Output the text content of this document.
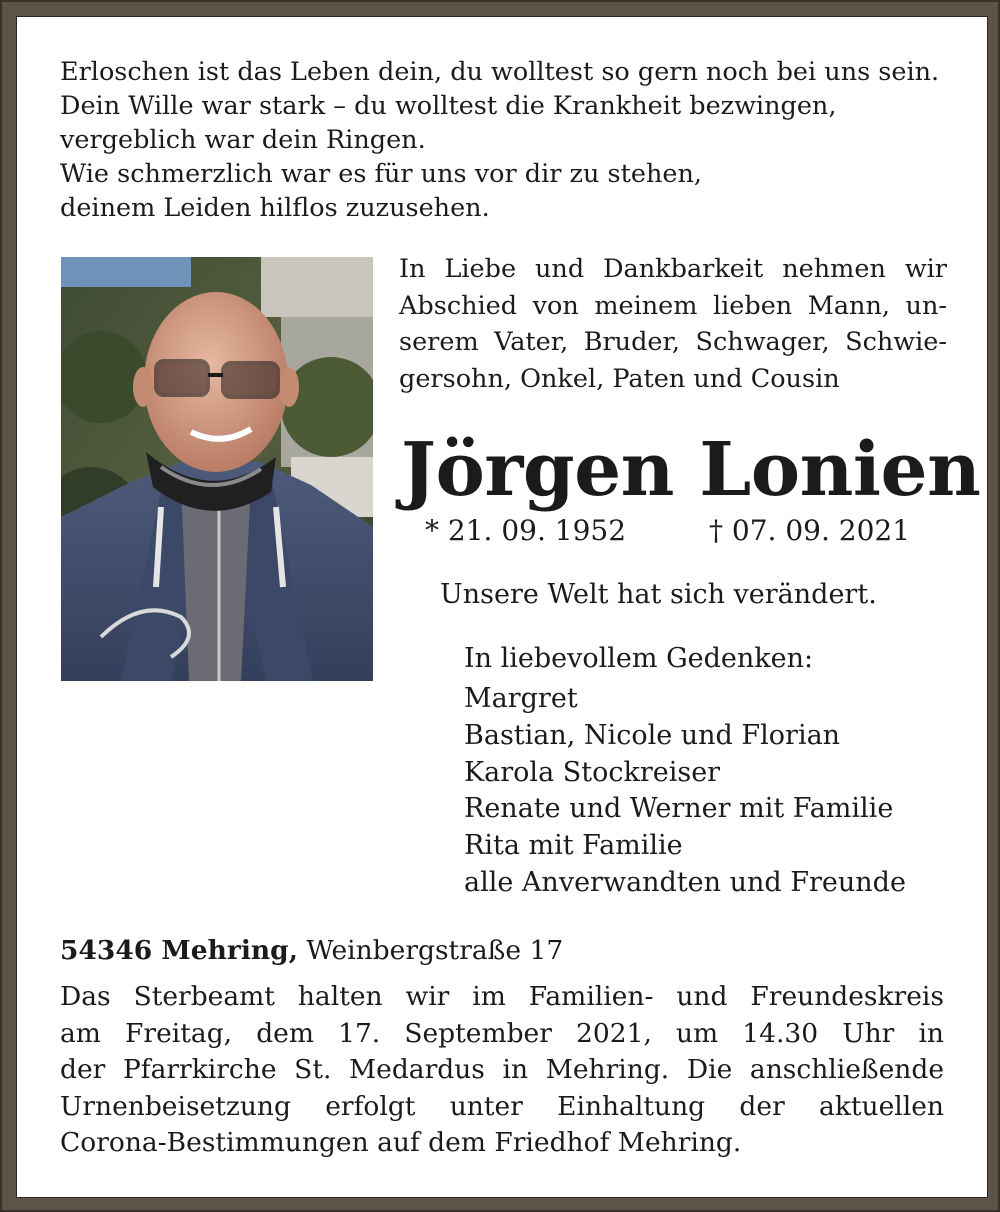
Erloschen ist das Leben dein, du wolltest so gern noch bei uns sein.
Dein Wille war stark – du wolltest die Krankheit bezwingen,
vergeblich war dein Ringen.
Wie schmerzlich war es für uns vor dir zu stehen,
deinem Leiden hilflos zuzusehen.
In Liebe und Dankbarkeit nehmen wir
Abschied von meinem lieben Mann, un-
serem Vater, Bruder, Schwager, Schwie-
gersohn, Onkel, Paten und Cousin
Jörgen Lonien
* 21. 09. 1952	† 07. 09. 2021
Unsere Welt hat sich verändert.
In liebevollem Gedenken:
Margret
Bastian, Nicole und Florian
Karola Stockreiser
Renate und Werner mit Familie
Rita mit Familie
alle Anverwandten und Freunde
54346 Mehring, Weinbergstraße 17
Das Sterbeamt halten wir im Familien- und Freundeskreis
am Freitag, dem 17. September 2021, um 14.30 Uhr in
der Pfarrkirche St. Medardus in Mehring. Die anschließende
Urnenbeisetzung erfolgt unter Einhaltung der aktuellen
Corona-Bestimmungen auf dem Friedhof Mehring.
